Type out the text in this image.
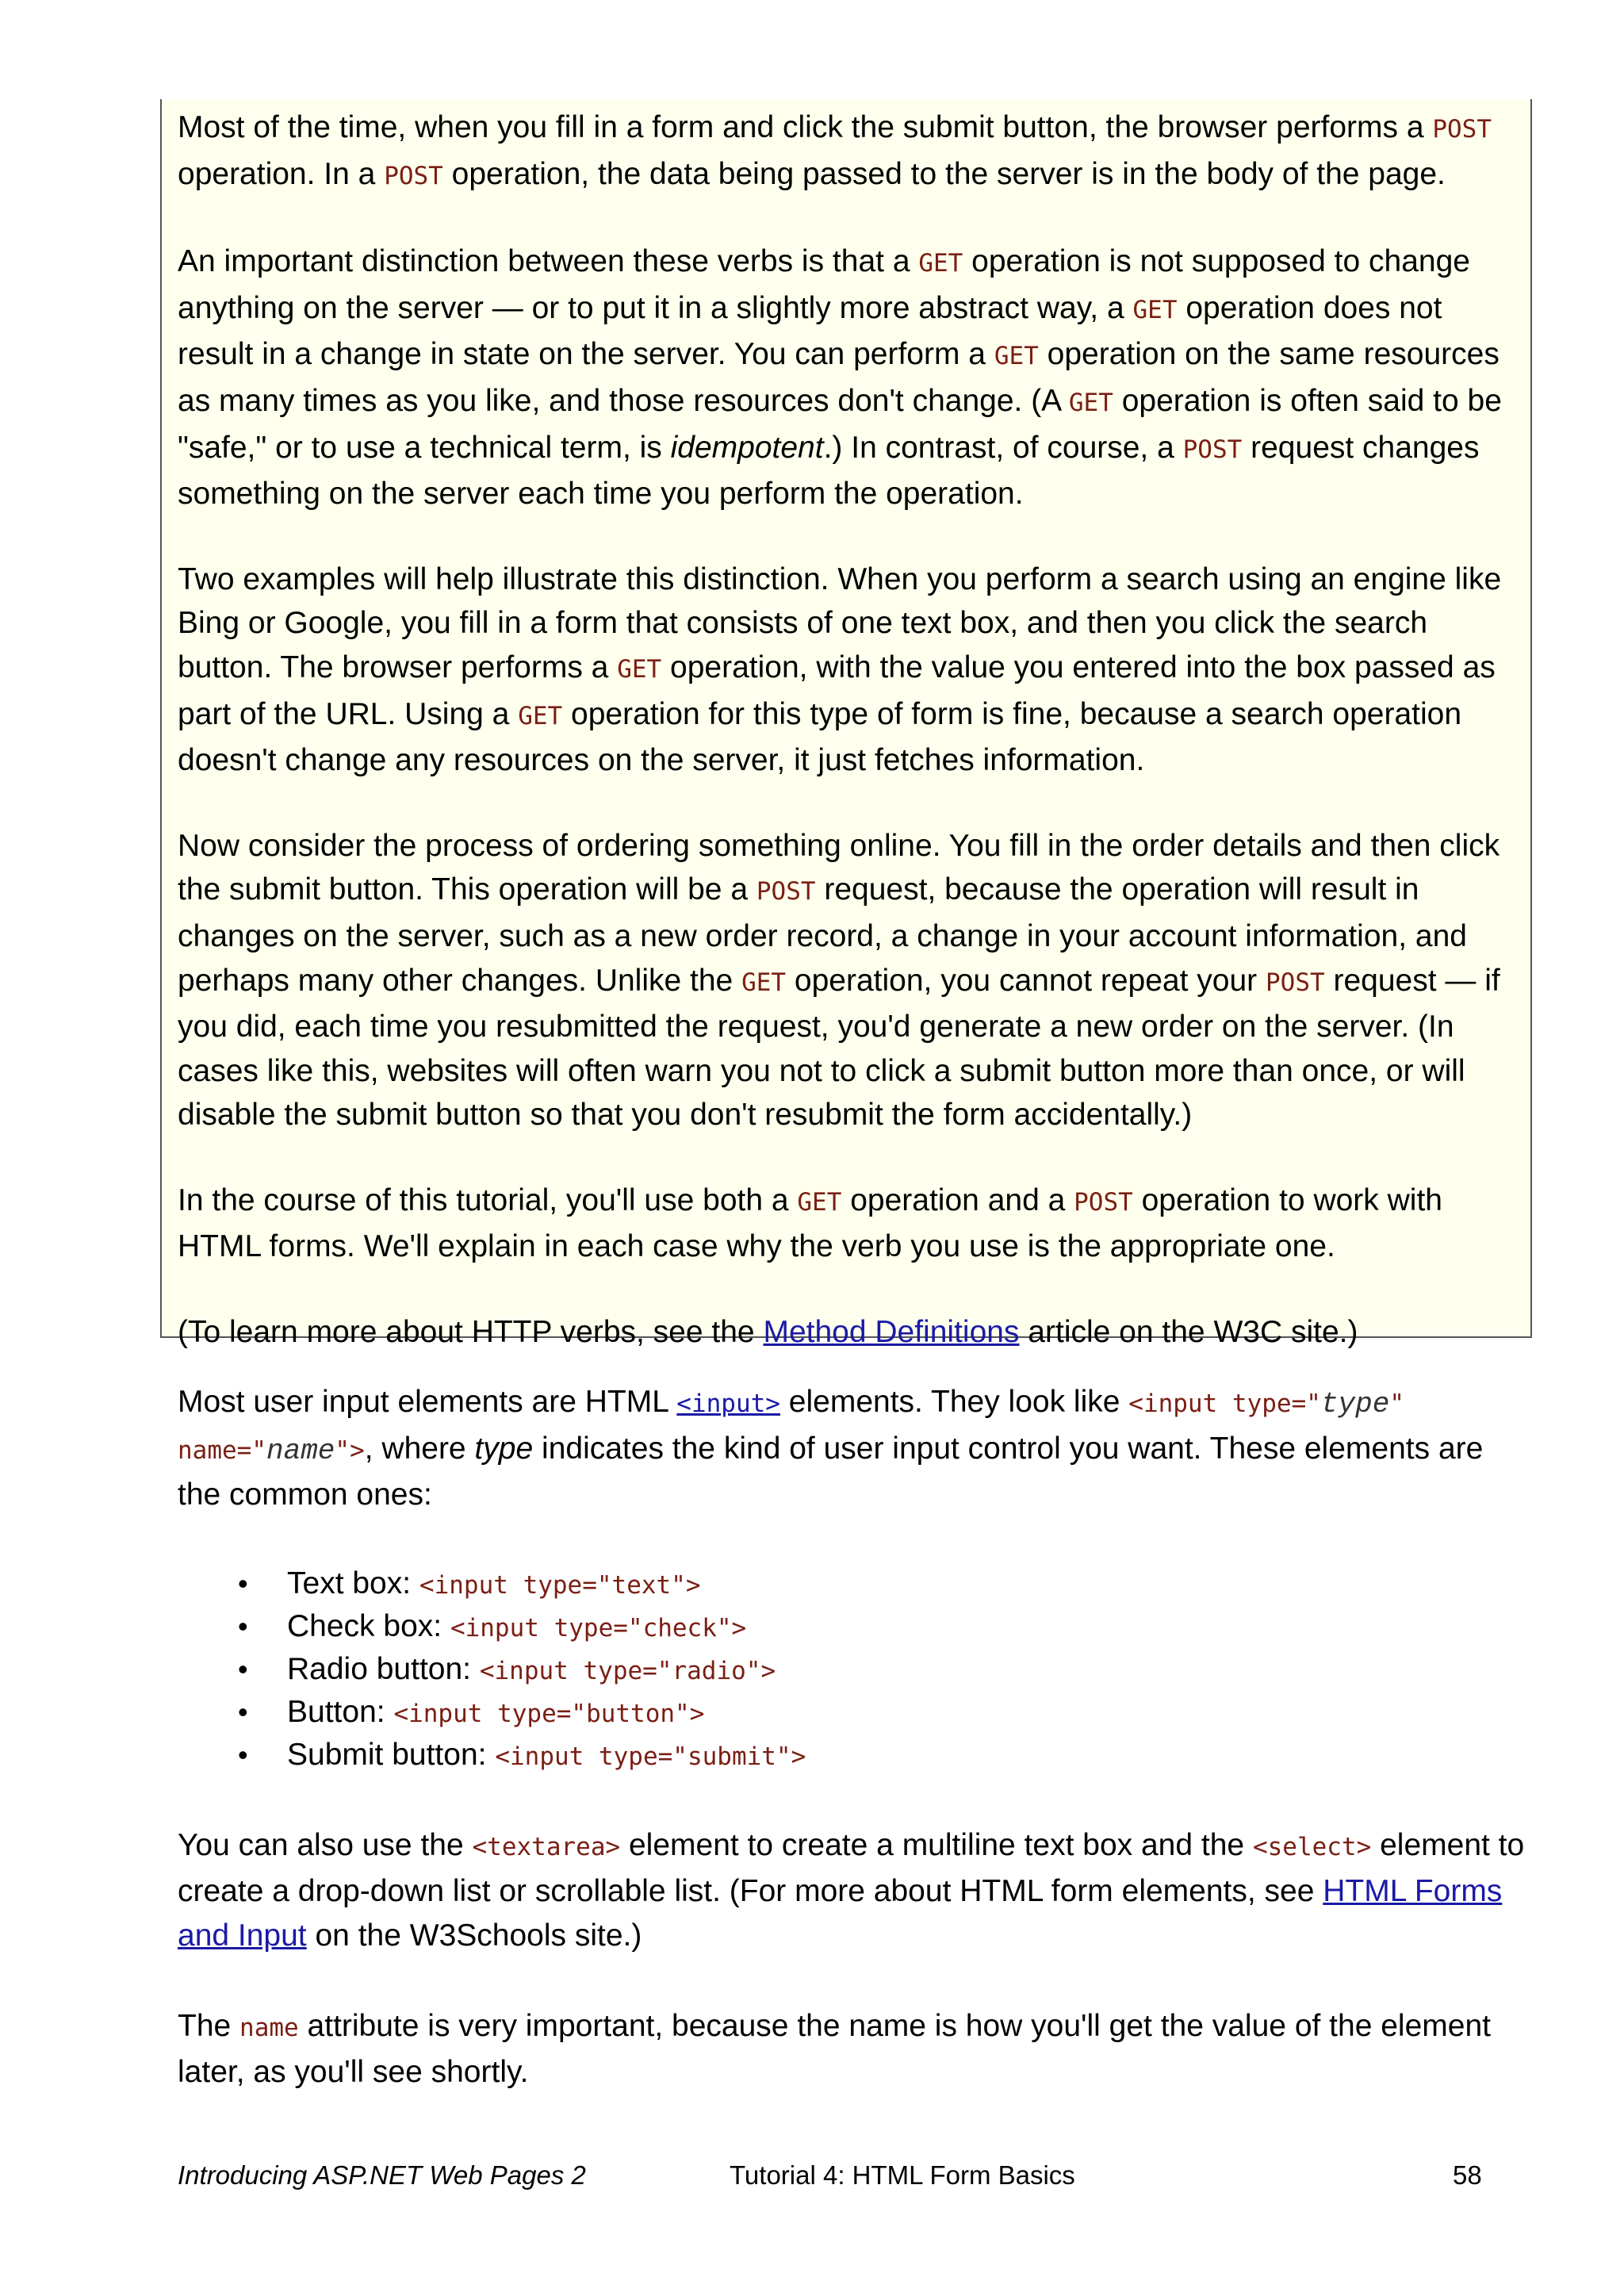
Most of the time, when you fill in a form and click the submit button, the browser performs a POST operation. In a POST operation, the data being passed to the server is in the body of the page.

An important distinction between these verbs is that a GET operation is not supposed to change anything on the server — or to put it in a slightly more abstract way, a GET operation does not result in a change in state on the server. You can perform a GET operation on the same resources as many times as you like, and those resources don't change. (A GET operation is often said to be "safe," or to use a technical term, is idempotent.) In contrast, of course, a POST request changes something on the server each time you perform the operation.

Two examples will help illustrate this distinction. When you perform a search using an engine like Bing or Google, you fill in a form that consists of one text box, and then you click the search button. The browser performs a GET operation, with the value you entered into the box passed as part of the URL. Using a GET operation for this type of form is fine, because a search operation doesn't change any resources on the server, it just fetches information.

Now consider the process of ordering something online. You fill in the order details and then click the submit button. This operation will be a POST request, because the operation will result in changes on the server, such as a new order record, a change in your account information, and perhaps many other changes. Unlike the GET operation, you cannot repeat your POST request — if you did, each time you resubmitted the request, you'd generate a new order on the server. (In cases like this, websites will often warn you not to click a submit button more than once, or will disable the submit button so that you don't resubmit the form accidentally.)

In the course of this tutorial, you'll use both a GET operation and a POST operation to work with HTML forms. We'll explain in each case why the verb you use is the appropriate one.

(To learn more about HTTP verbs, see the Method Definitions article on the W3C site.)

Most user input elements are HTML <input> elements. They look like <input type="type" name="name">, where type indicates the kind of user input control you want. These elements are the common ones:

• Text box: <input type="text">
• Check box: <input type="check">
• Radio button: <input type="radio">
• Button: <input type="button">
• Submit button: <input type="submit">

You can also use the <textarea> element to create a multiline text box and the <select> element to create a drop-down list or scrollable list. (For more about HTML form elements, see HTML Forms and Input on the W3Schools site.)

The name attribute is very important, because the name is how you'll get the value of the element later, as you'll see shortly.

Introducing ASP.NET Web Pages 2	Tutorial 4: HTML Form Basics	58
